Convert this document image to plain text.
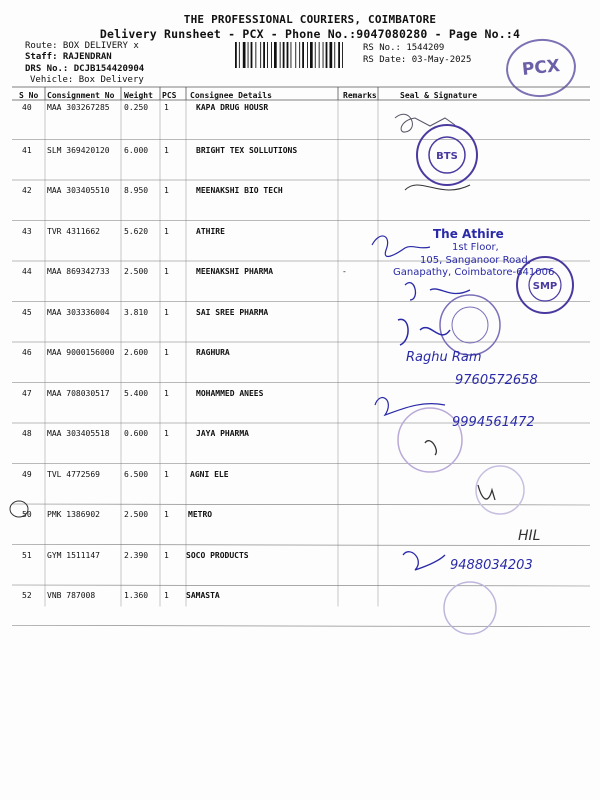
THE PROFESSIONAL COURIERS, COIMBATORE
Delivery Runsheet - PCX - Phone No.:9047080280 - Page No.:4
Route: BOX DELIVERY x
Staff: RAJENDRAN
DRS No.: DCJB154420904
Vehicle: Box Delivery
RS No.: 1544209
RS Date: 03-May-2025	PCX
S No Consignment No Weight PCS Consignee Details	Remarks	Seal & Signature
40 MAA 303267285 0.250 1	KAPA DRUG HOUSR
41 SLM 369420120 6.000 1	BRIGHT TEX SOLLUTIONS
42 MAA 303405510 8.950 1	MEENAKSHI BIO TECH
43 TVR 4311662	5.620 1	ATHIRE
44 MAA 869342733 2.500 1	MEENAKSHI PHARMA	-
45 MAA 303336004 3.810 1	SAI SREE PHARMA
46 MAA 9000156000 2.600 1	RAGHURA
47 MAA 708030517 5.400 1	MOHAMMED ANEES
48 MAA 303405518 0.600 1	JAYA PHARMA
49 TVL 4772569	6.500 1	AGNI ELE
50 PMK 1386902	2.500 1 METRO
51 GYM 1511147	2.390 1 SOCO PRODUCTS
52 VNB 787008	1.360 1 SAMASTA
BTS
SMP
The Athire
1st Floor,
105, Sanganoor Road,
Ganapathy, Coimbatore-641006
Raghu Ram
9760572658
9994561472
9488034203
HIL
